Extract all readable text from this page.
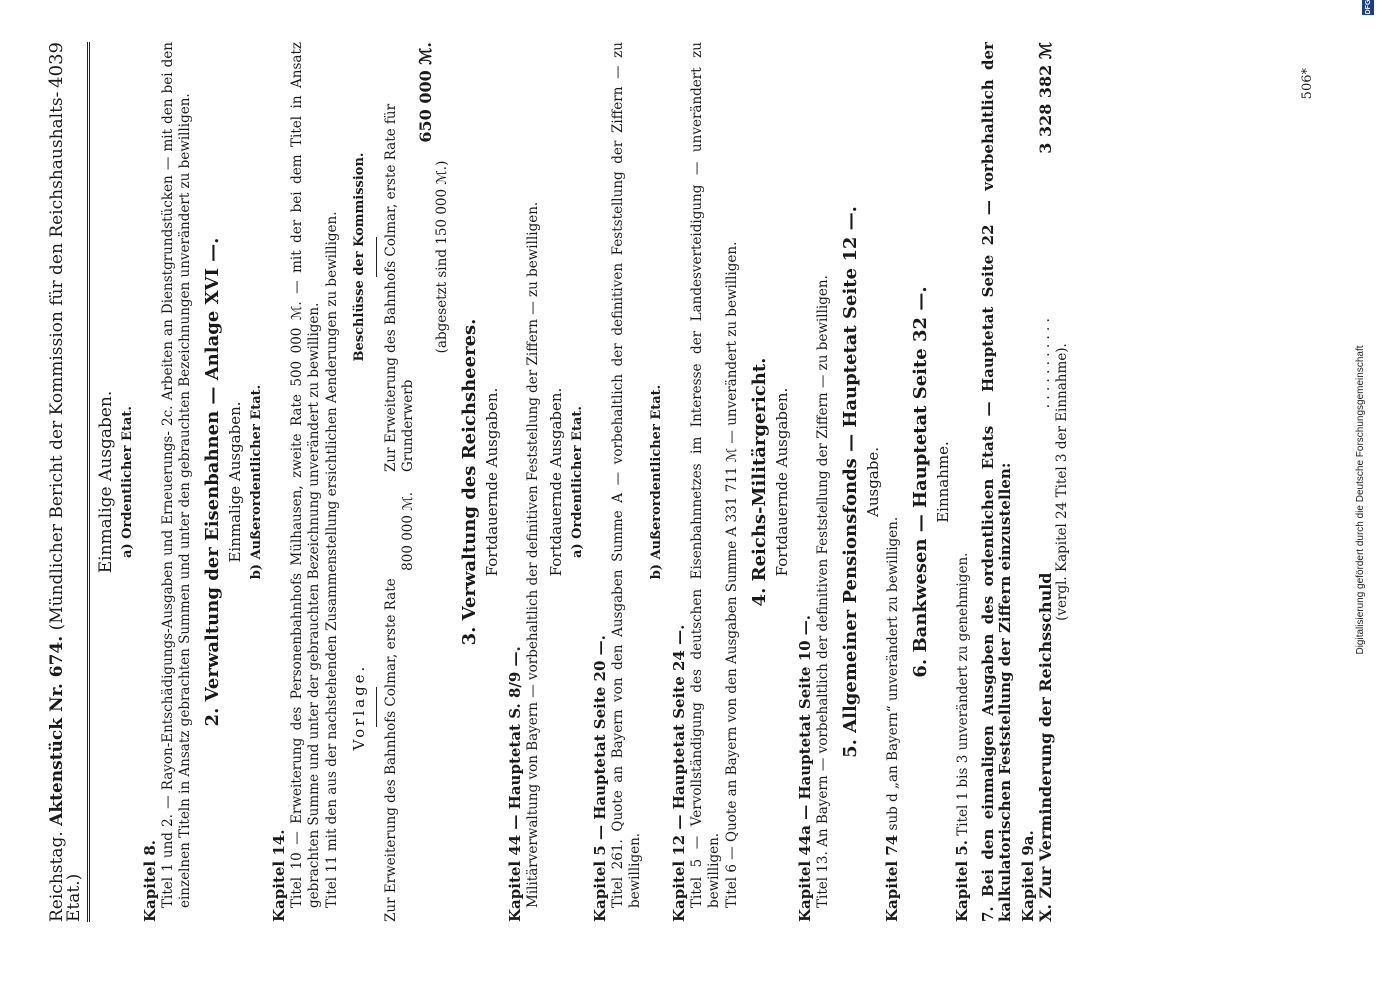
Reichstag. Aktenstück Nr. 674. (Mündlicher Bericht der Kommission für den Reichshaushalts-Etat.)
4039
Einmalige Ausgaben. a) Ordentlicher Etat.
Kapitel 8. Titel 1 und 2. — Rayon-Entschädigungs-Ausgaben und Erneuerungs- 2c. Arbeiten an Dienstgrundstücken — mit den bei den einzelnen Titeln in Ansatz gebrachten Summen und unter den gebrauchten Bezeichnungen unverändert zu bewilligen. 2. Verwaltung der Eisenbahnen — Anlage XVI —. Einmalige Ausgaben. b) Außerordentlicher Etat.
Kapitel 14. Titel 10 — Erweiterung des Personenbahnhofs Mülhausen, zweite Rate 500 000 ℳ. — mit der bei dem Titel in Ansatz gebrachten Summe und unter der gebrauchten Bezeichnung unverändert zu bewilligen. Titel 11 mit den aus der nachstehenden Zusammenstellung ersichtlichen Aenderungen zu bewilligen. Vorlage. Zur Erweiterung des Bahnhofs Colmar, erste Rate

800 000 ℳ.
Beschlüsse der Kommission. Zur Erweiterung des Bahnhofs Colmar, erste Rate für Grunderwerb

650 000 ℳ.
(abgesetzt sind 150 000 ℳ.)
3. Verwaltung des Reichsheeres. Fortdauernde Ausgaben.
Kapitel 44 — Hauptetat S. 8/9 —. Militärverwaltung von Bayern — vorbehaltlich der definitiven Feststellung der Ziffern — zu bewilligen. Fortdauernde Ausgaben. a) Ordentlicher Etat.
Kapitel 5 — Hauptetat Seite 20 —. Titel 261. Quote an Bayern von den Ausgaben Summe A — vorbehaltlich der definitiven Feststellung der Ziffern — zu bewilligen.
b) Außerordentlicher Etat.
Kapitel 12 — Hauptetat Seite 24 —. Titel 5 — Vervollständigung des deutschen Eisenbahnnetzes im Interesse der Landesverteidigung — unverändert zu bewilligen. Titel 6 — Quote an Bayern von den Ausgaben Summe A 331 711 ℳ — unverändert zu bewilligen. 4. Reichs-Militärgericht. Fortdauernde Ausgaben.
Kapitel 44a — Hauptetat Seite 10 —. Titel 13. An Bayern — vorbehaltlich der definitiven Feststellung der Ziffern — zu bewilligen. 5. Allgemeiner Pensionsfonds — Hauptetat Seite 12 —. Ausgabe.
Kapitel 74 sub d „an Bayern“ unverändert zu bewilligen. 6. Bankwesen — Hauptetat Seite 32 —. Einnahme.
Kapitel 5. Titel 1 bis 3 unverändert zu genehmigen. 7. Bei den einmaligen Ausgaben des ordentlichen Etats — Hauptetat Seite 22 — vorbehaltlich der kalkulatorischen Feststellung der Ziffern einzustellen: Kapitel 9a. X. Zur Verminderung der Reichsschuld
. . . . . . . . . . .
3 328 382 ℳ
(vergl. Kapitel 24 Titel 3 der Einnahme).
506*
Digitalisierung gefördert durch die Deutsche Forschungsgemeinschaft
DFG
